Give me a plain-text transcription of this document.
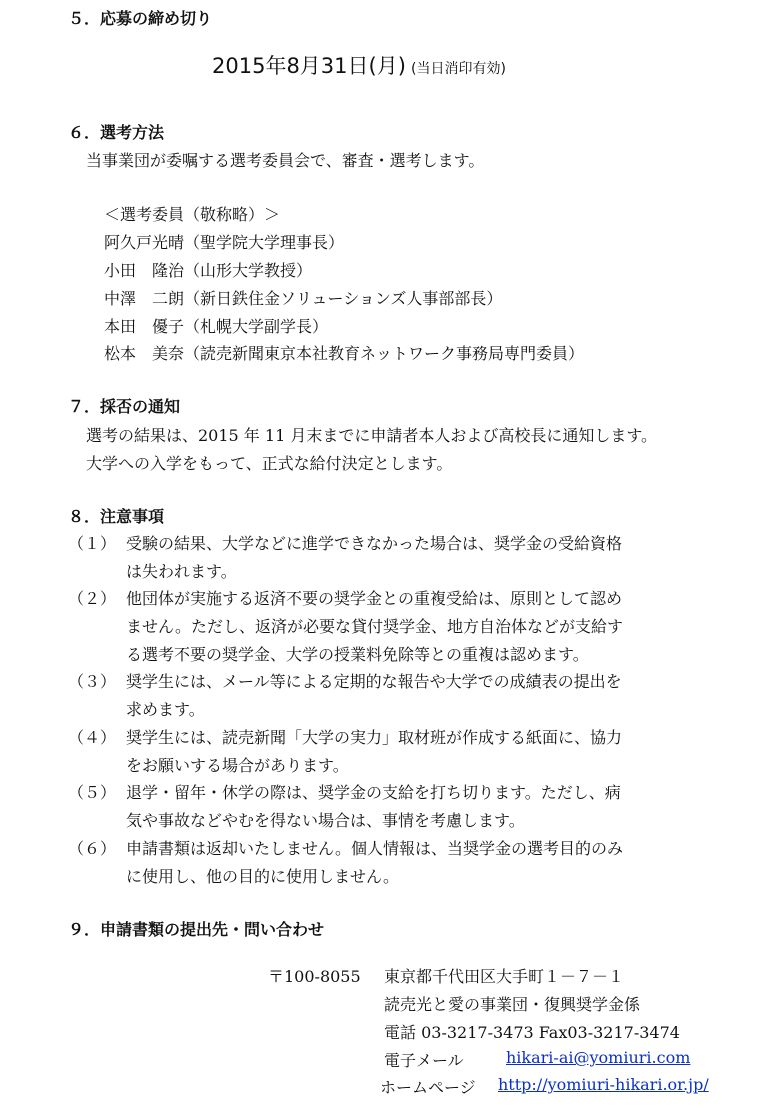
５．応募の締め切り
2015年8月31日(月) (当日消印有効)
６．選考方法
当事業団が委嘱する選考委員会で、審査・選考します。
＜選考委員（敬称略）＞
阿久戸光晴（聖学院大学理事長）
小田　隆治（山形大学教授）
中澤　二朗（新日鉄住金ソリューションズ人事部部長）
本田　優子（札幌大学副学長）
松本　美奈（読売新聞東京本社教育ネットワーク事務局専門委員）
７．採否の通知
選考の結果は、2015 年 11 月末までに申請者本人および高校長に通知します。
大学への入学をもって、正式な給付決定とします。
８．注意事項
（１） 受験の結果、大学などに進学できなかった場合は、奨学金の受給資格
は失われます。
（２） 他団体が実施する返済不要の奨学金との重複受給は、原則として認め
ません。ただし、返済が必要な貸付奨学金、地方自治体などが支給す
る選考不要の奨学金、大学の授業料免除等との重複は認めます。
（３） 奨学生には、メール等による定期的な報告や大学での成績表の提出を
求めます。
（４） 奨学生には、読売新聞「大学の実力」取材班が作成する紙面に、協力
をお願いする場合があります。
（５） 退学・留年・休学の際は、奨学金の支給を打ち切ります。ただし、病
気や事故などやむを得ない場合は、事情を考慮します。
（６） 申請書類は返却いたしません。個人情報は、当奨学金の選考目的のみ
に使用し、他の目的に使用しません。
９．申請書類の提出先・問い合わせ
〒100-8055 東京都千代田区大手町１－７－１
読売光と愛の事業団・復興奨学金係
電話 03-3217-3473 Fax03-3217-3474
電子メール	hikari-ai@yomiuri.com
ホームページ http://yomiuri-hikari.or.jp/
